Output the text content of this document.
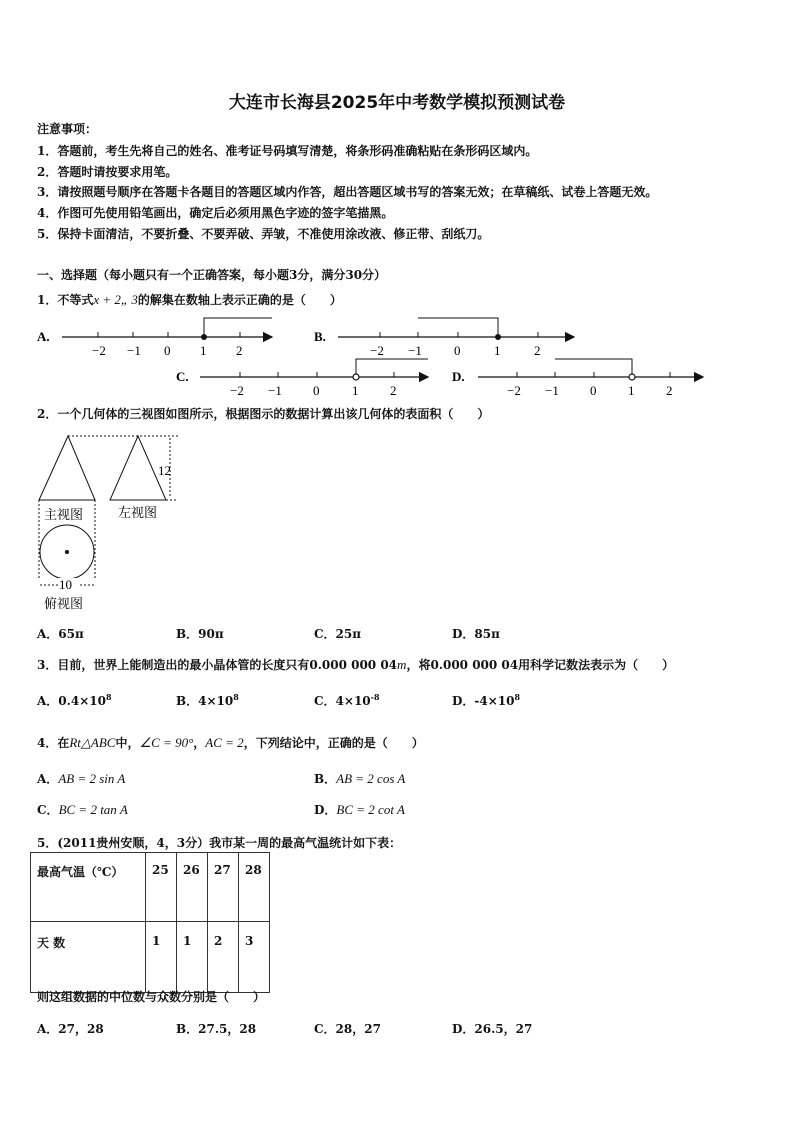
大连市长海县2025年中考数学模拟预测试卷
注意事项：
1．答题前，考生先将自己的姓名、准考证号码填写清楚，将条形码准确粘贴在条形码区域内。
2．答题时请按要求用笔。
3．请按照题号顺序在答题卡各题目的答题区域内作答，超出答题区域书写的答案无效；在草稿纸、试卷上答题无效。
4．作图可先使用铅笔画出，确定后必须用黑色字迹的签字笔描黑。
5．保持卡面清洁，不要折叠、不要弄破、弄皱，不准使用涂改液、修正带、刮纸刀。
一、选择题（每小题只有一个正确答案，每小题3分，满分30分）
1．不等式x + 2„ 3的解集在数轴上表示正确的是（　　）
A.
−2 −1 0 1 2
B.
−2 −1 0	1	2
C.
−2 −1 0	1 2
D.
−2 −1 0 1 2
2．一个几何体的三视图如图所示，根据图示的数据计算出该几何体的表面积（　　）
12
主视图	左视图
10
俯视图
A．65π	B．90π	C．25π	D．85π
3．目前，世界上能制造出的最小晶体管的长度只有0.000 000 04m，将0.000 000 04用科学记数法表示为（　　）
A．$0.4\times 10^8$	B．$4\times 10^8$	C．$4\times 10^{-8}$	D．$-4\times 10^8$
4．在Rt△ABC中，∠C = 90°，AC = 2，下列结论中，正确的是（　　）
A．AB = 2 sin A	B．AB = 2 cos A
C．BC = 2 tan A	D．BC = 2 cot A
5．(2011贵州安顺，4，3分）我市某一周的最高气温统计如下表：
最高气温（℃）	25	26	27	28
天 数	1	1	2	3
则这组数据的中位数与众数分别是（　　）
A．27，28	B．27.5，28	C．28，27	D．26.5，27
